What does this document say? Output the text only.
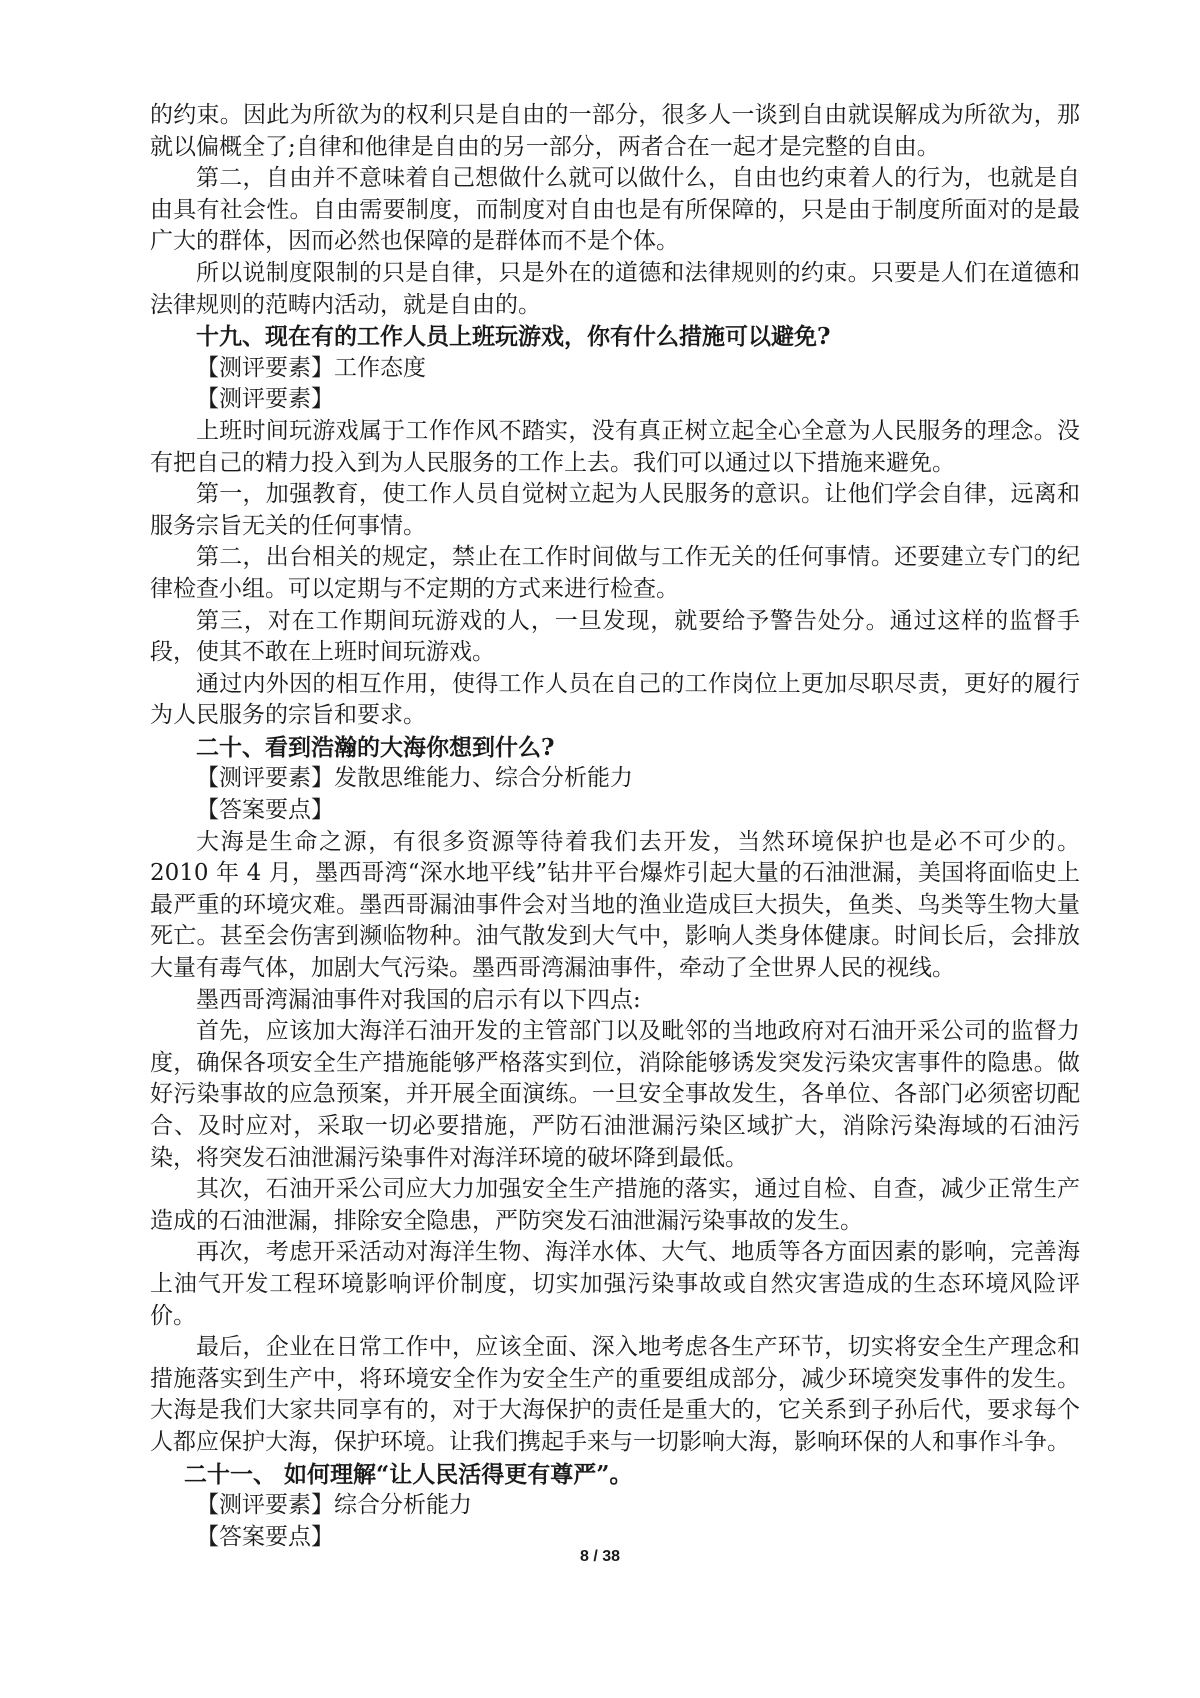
的约束。因此为所欲为的权利只是自由的一部分，很多人一谈到自由就误解成为所欲为，那就以偏概全了;自律和他律是自由的另一部分，两者合在一起才是完整的自由。

第二，自由并不意味着自己想做什么就可以做什么，自由也约束着人的行为，也就是自由具有社会性。自由需要制度，而制度对自由也是有所保障的，只是由于制度所面对的是最广大的群体，因而必然也保障的是群体而不是个体。

所以说制度限制的只是自律，只是外在的道德和法律规则的约束。只要是人们在道德和法律规则的范畴内活动，就是自由的。

十九、现在有的工作人员上班玩游戏，你有什么措施可以避免?

【测评要素】工作态度

【测评要素】

上班时间玩游戏属于工作作风不踏实，没有真正树立起全心全意为人民服务的理念。没有把自己的精力投入到为人民服务的工作上去。我们可以通过以下措施来避免。

第一，加强教育，使工作人员自觉树立起为人民服务的意识。让他们学会自律，远离和服务宗旨无关的任何事情。

第二，出台相关的规定，禁止在工作时间做与工作无关的任何事情。还要建立专门的纪律检查小组。可以定期与不定期的方式来进行检查。

第三，对在工作期间玩游戏的人，一旦发现，就要给予警告处分。通过这样的监督手段，使其不敢在上班时间玩游戏。

通过内外因的相互作用，使得工作人员在自己的工作岗位上更加尽职尽责，更好的履行为人民服务的宗旨和要求。

二十、看到浩瀚的大海你想到什么?

【测评要素】发散思维能力、综合分析能力

【答案要点】

大海是生命之源，有很多资源等待着我们去开发，当然环境保护也是必不可少的。2010 年 4 月，墨西哥湾“深水地平线”钻井平台爆炸引起大量的石油泄漏，美国将面临史上最严重的环境灾难。墨西哥漏油事件会对当地的渔业造成巨大损失，鱼类、鸟类等生物大量死亡。甚至会伤害到濒临物种。油气散发到大气中，影响人类身体健康。时间长后，会排放大量有毒气体，加剧大气污染。墨西哥湾漏油事件，牵动了全世界人民的视线。

墨西哥湾漏油事件对我国的启示有以下四点:

首先，应该加大海洋石油开发的主管部门以及毗邻的当地政府对石油开采公司的监督力度，确保各项安全生产措施能够严格落实到位，消除能够诱发突发污染灾害事件的隐患。做好污染事故的应急预案，并开展全面演练。一旦安全事故发生，各单位、各部门必须密切配合、及时应对，采取一切必要措施，严防石油泄漏污染区域扩大，消除污染海域的石油污染，将突发石油泄漏污染事件对海洋环境的破坏降到最低。

其次，石油开采公司应大力加强安全生产措施的落实，通过自检、自查，减少正常生产造成的石油泄漏，排除安全隐患，严防突发石油泄漏污染事故的发生。

再次，考虑开采活动对海洋生物、海洋水体、大气、地质等各方面因素的影响，完善海上油气开发工程环境影响评价制度，切实加强污染事故或自然灾害造成的生态环境风险评价。

最后，企业在日常工作中，应该全面、深入地考虑各生产环节，切实将安全生产理念和措施落实到生产中，将环境安全作为安全生产的重要组成部分，减少环境突发事件的发生。大海是我们大家共同享有的，对于大海保护的责任是重大的，它关系到子孙后代，要求每个人都应保护大海，保护环境。让我们携起手来与一切影响大海，影响环保的人和事作斗争。

二十一、 如何理解“让人民活得更有尊严”。

【测评要素】综合分析能力

【答案要点】

8 / 38
